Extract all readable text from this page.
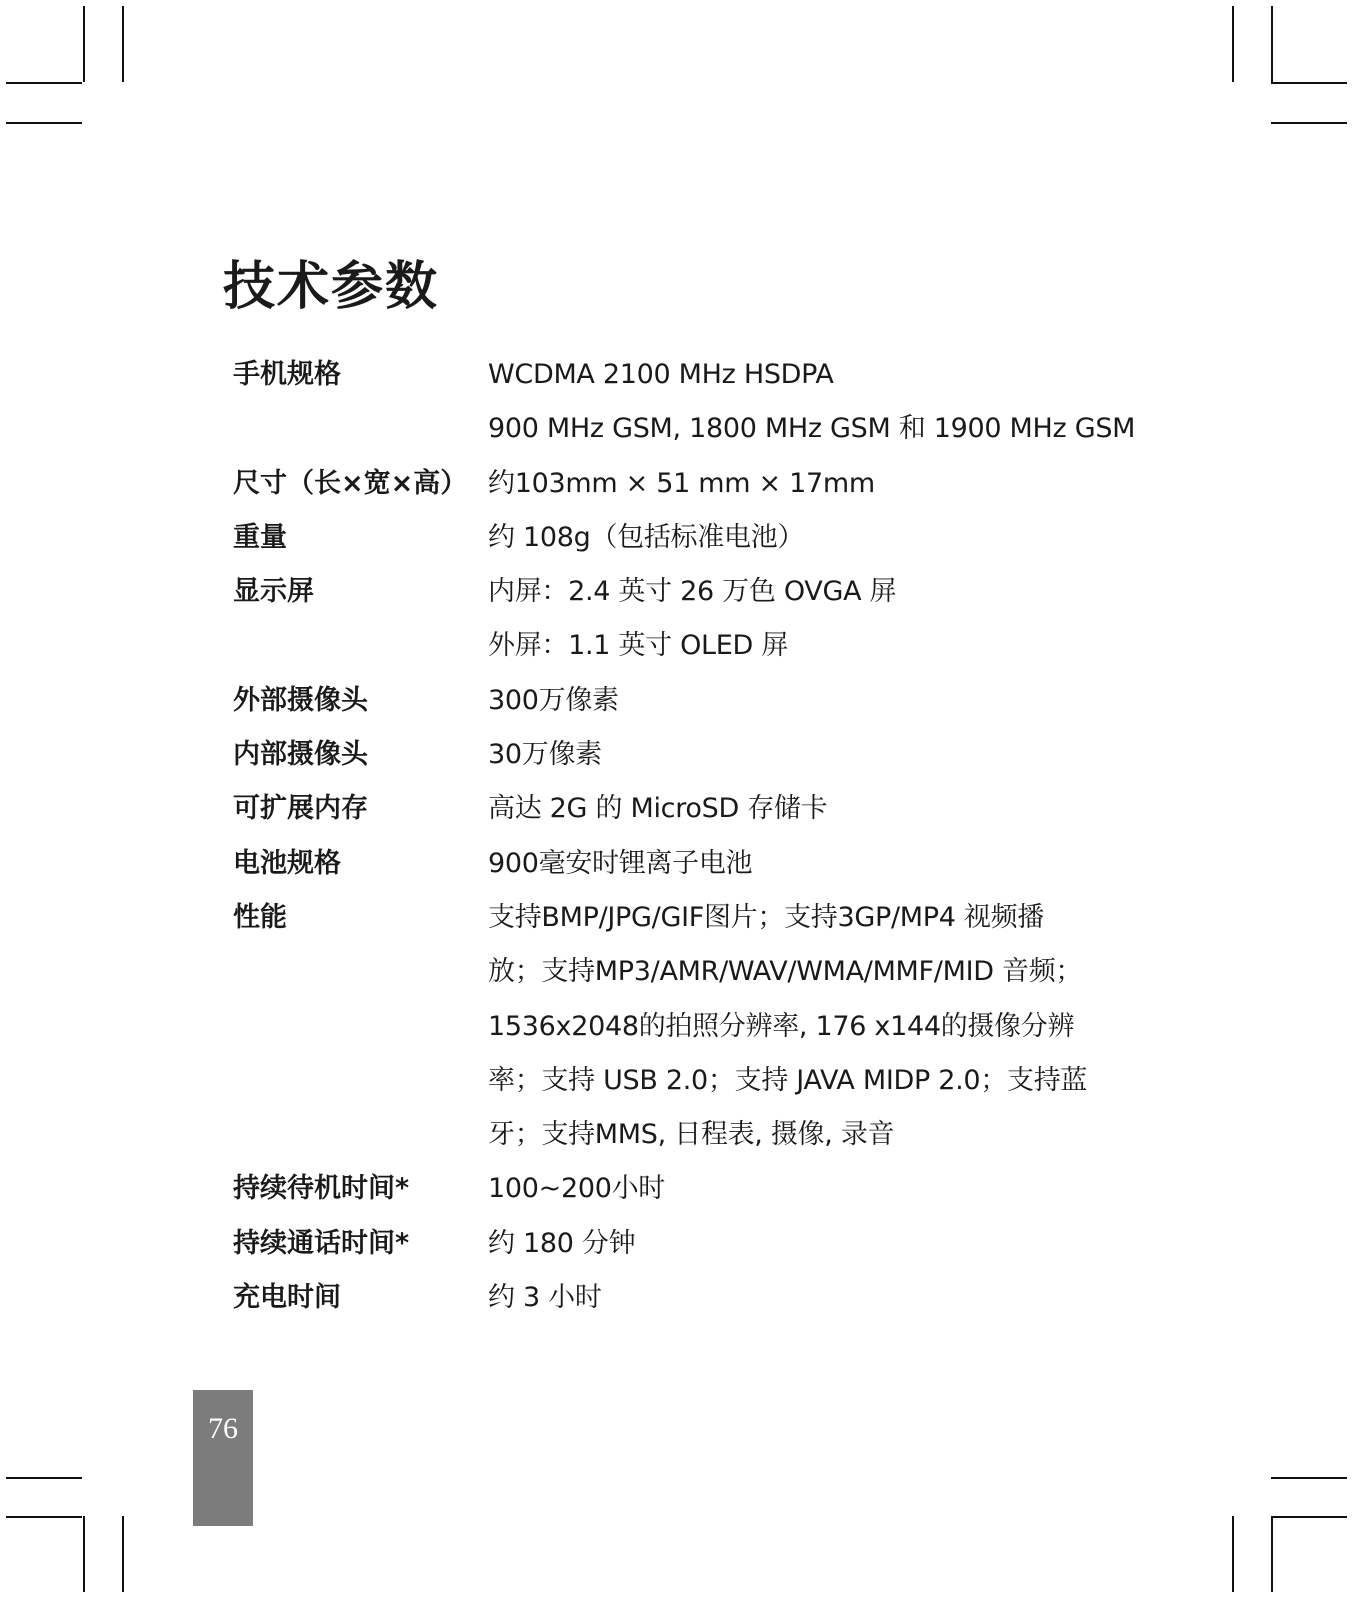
技术参数
手机规格	WCDMA 2100 MHz HSDPA
900 MHz GSM, 1800 MHz GSM 和 1900 MHz GSM
尺寸（长×宽×高） 约103mm × 51 mm × 17mm
重量	约 108g（包括标准电池）
显示屏	内屏：2.4 英寸 26 万色 OVGA 屏
外屏：1.1 英寸 OLED 屏
外部摄像头	300万像素
内部摄像头	30万像素
可扩展内存	高达 2G 的 MicroSD 存储卡
电池规格	900毫安时锂离子电池
性能	支持BMP/JPG/GIF图片；支持3GP/MP4 视频播
放；支持MP3/AMR/WAV/WMA/MMF/MID 音频；
1536x2048的拍照分辨率, 176 x144的摄像分辨
率；支持 USB 2.0；支持 JAVA MIDP 2.0；支持蓝
牙；支持MMS, 日程表, 摄像, 录音
持续待机时间*	100~200小时
持续通话时间*	约 180 分钟
充电时间	约 3 小时
76
